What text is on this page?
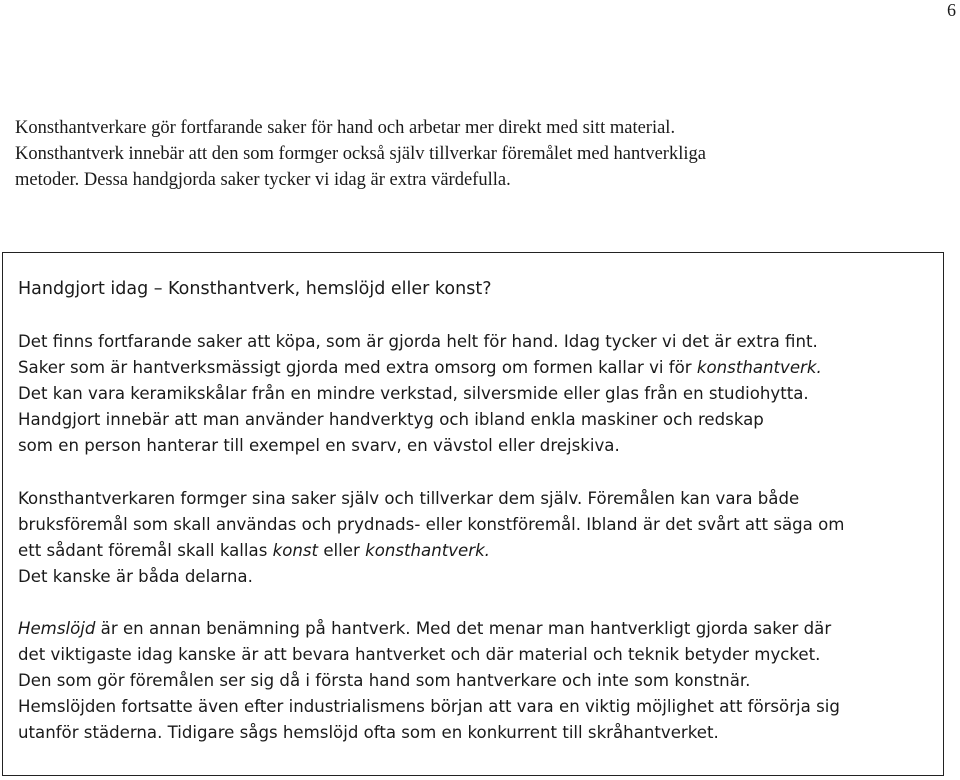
6

Konsthantverkare gör fortfarande saker för hand och arbetar mer direkt med sitt material.
Konsthantverk innebär att den som formger också själv tillverkar föremålet med hantverkliga
metoder. Dessa handgjorda saker tycker vi idag är extra värdefulla.

Handgjort idag – Konsthantverk, hemslöjd eller konst?

Det finns fortfarande saker att köpa, som är gjorda helt för hand. Idag tycker vi det är extra fint.
Saker som är hantverksmässigt gjorda med extra omsorg om formen kallar vi för konsthantverk.
Det kan vara keramikskålar från en mindre verkstad, silversmide eller glas från en studiohytta.
Handgjort innebär att man använder handverktyg och ibland enkla maskiner och redskap
som en person hanterar till exempel en svarv, en vävstol eller drejskiva.

Konsthantverkaren formger sina saker själv och tillverkar dem själv. Föremålen kan vara både
bruksföremål som skall användas och prydnads- eller konstföremål. Ibland är det svårt att säga om
ett sådant föremål skall kallas konst eller konsthantverk.
Det kanske är båda delarna.

Hemslöjd är en annan benämning på hantverk. Med det menar man hantverkligt gjorda saker där
det viktigaste idag kanske är att bevara hantverket och där material och teknik betyder mycket.
Den som gör föremålen ser sig då i första hand som hantverkare och inte som konstnär.
Hemslöjden fortsatte även efter industrialismens början att vara en viktig möjlighet att försörja sig
utanför städerna. Tidigare sågs hemslöjd ofta som en konkurrent till skråhantverket.
